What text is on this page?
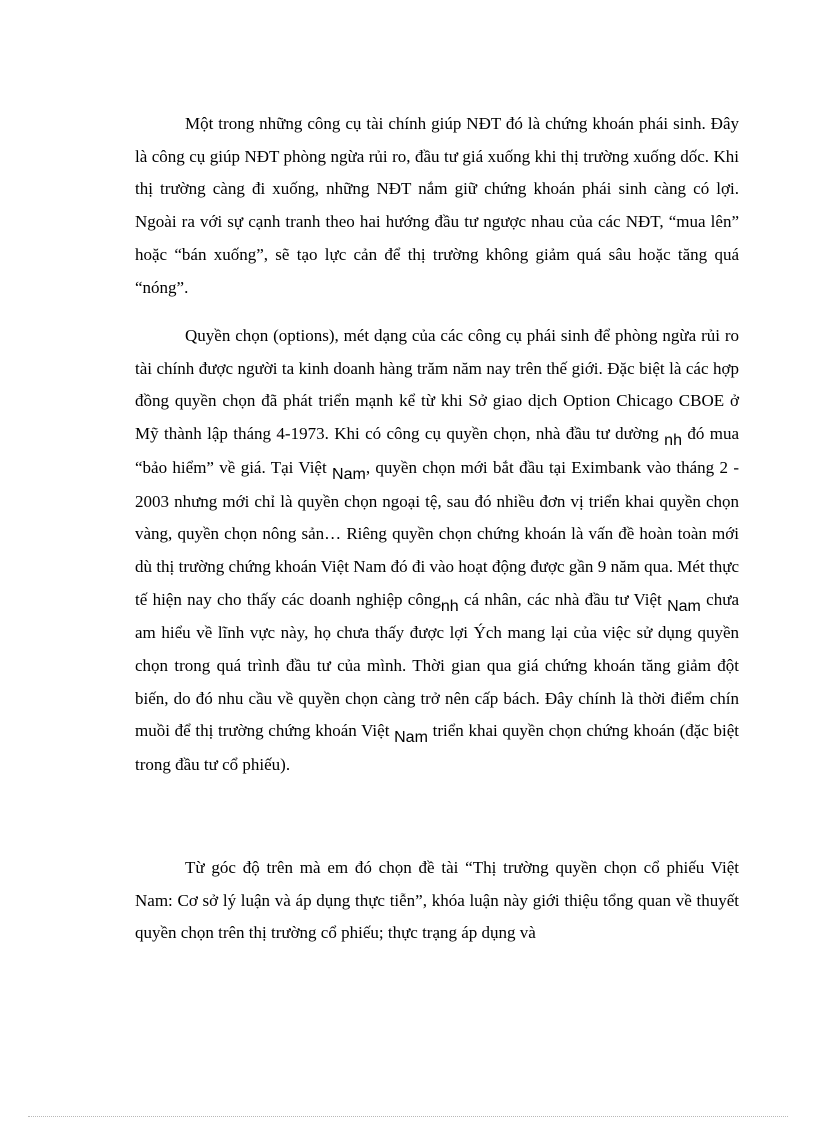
Một trong những công cụ tài chính giúp NĐT đó là chứng khoán phái sinh. Đây là công cụ giúp NĐT phòng ngừa rủi ro, đầu tư giá xuống khi thị trường xuống dốc. Khi thị trường càng đi xuống, những NĐT nắm giữ chứng khoán phái sinh càng có lợi. Ngoài ra với sự cạnh tranh theo hai hướng đầu tư ngược nhau của các NĐT, “mua lên” hoặc “bán xuống”, sẽ tạo lực cản để thị trường không giảm quá sâu hoặc tăng quá “nóng”.

Quyền chọn (options), mét dạng của các công cụ phái sinh để phòng ngừa rủi ro tài chính được người ta kinh doanh hàng trăm năm nay trên thế giới. Đặc biệt là các hợp đồng quyền chọn đã phát triển mạnh kể từ khi Sở giao dịch Option Chicago CBOE ở Mỹ thành lập tháng 4-1973. Khi có công cụ quyền chọn, nhà đầu tư dường nh đó mua “bảo hiểm” về giá. Tại Việt Nam, quyền chọn mới bắt đầu tại Eximbank vào tháng 2 - 2003 nhưng mới chỉ là quyền chọn ngoại tệ, sau đó nhiều đơn vị triển khai quyền chọn vàng, quyền chọn nông sản… Riêng quyền chọn chứng khoán là vấn đề hoàn toàn mới dù thị trường chứng khoán Việt Nam đó đi vào hoạt động được gần 9 năm qua. Mét thực tế hiện nay cho thấy các doanh nghiệp côngnh cá nhân, các nhà đầu tư Việt Nam chưa am hiểu về lĩnh vực này, họ chưa thấy được lợi Ých mang lại của việc sử dụng quyền chọn trong quá trình đầu tư của mình. Thời gian qua giá chứng khoán tăng giảm đột biến, do đó nhu cầu về quyền chọn càng trở nên cấp bách. Đây chính là thời điểm chín muồi để thị trường chứng khoán Việt Nam triển khai quyền chọn chứng khoán (đặc biệt trong đầu tư cổ phiếu).

Từ góc độ trên mà em đó chọn đề tài “Thị trường quyền chọn cổ phiếu Việt Nam: Cơ sở lý luận và áp dụng thực tiễn”, khóa luận này giới thiệu tổng quan về thuyết quyền chọn trên thị trường cổ phiếu; thực trạng áp dụng và
